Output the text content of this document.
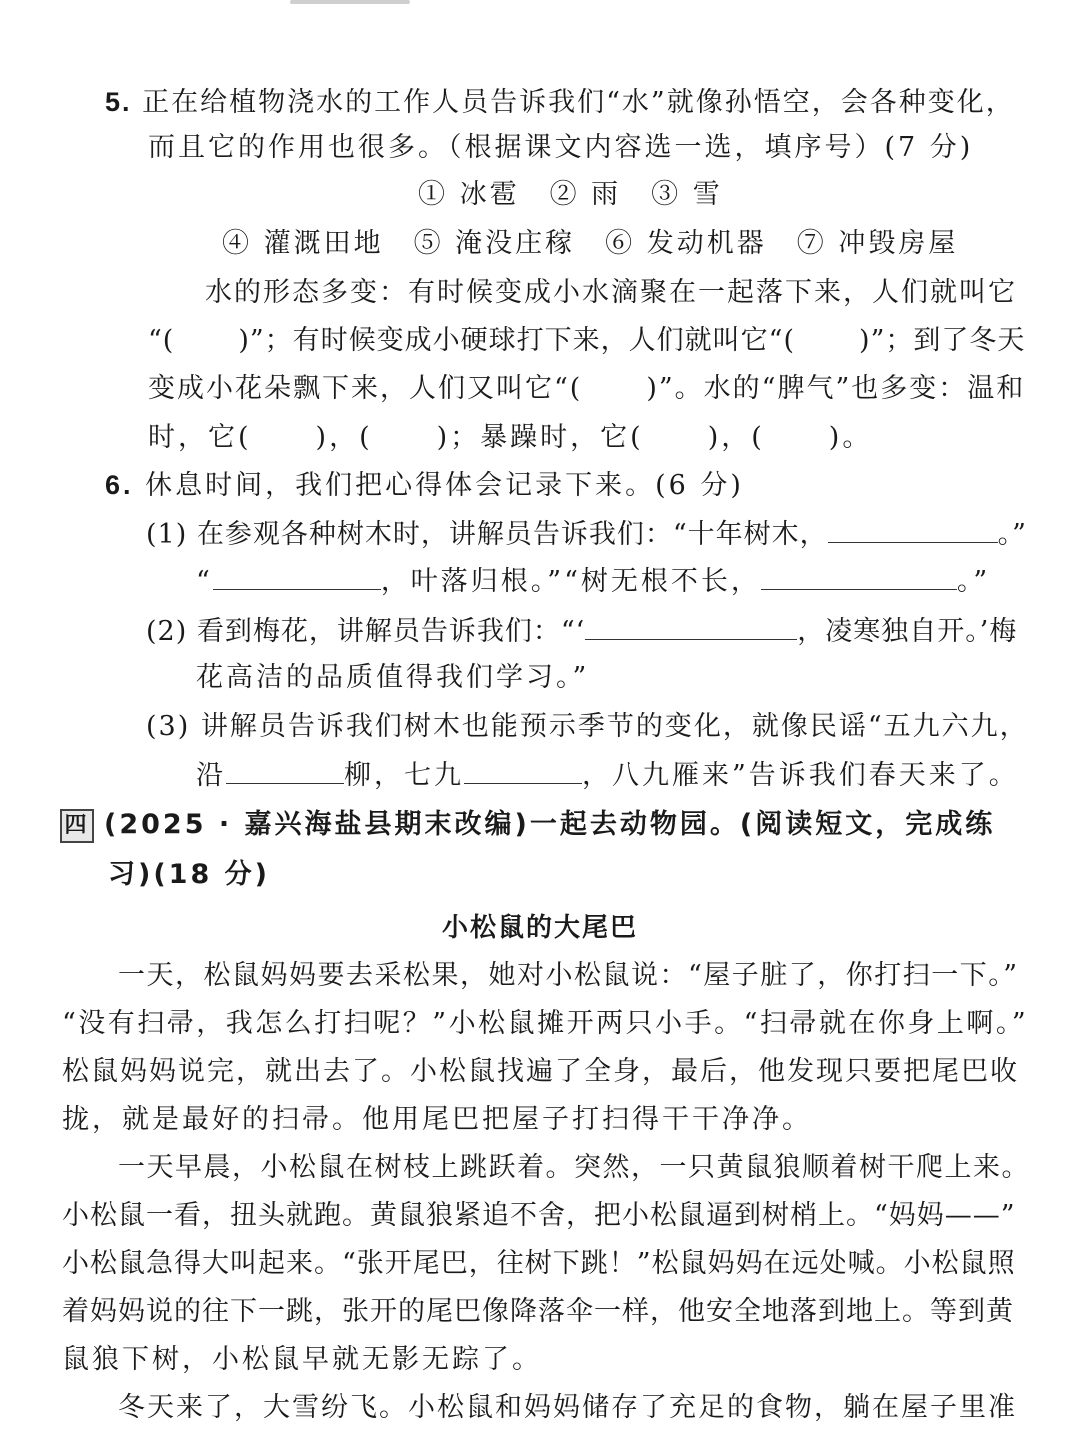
5. 正在给植物浇水的工作人员告诉我们“水”就像孙悟空，会各种变化，
而且它的作用也很多。（根据课文内容选一选，填序号）(7 分)
① 冰雹　② 雨　③ 雪
④ 灌溉田地　⑤ 淹没庄稼　⑥ 发动机器　⑦ 冲毁房屋
水的形态多变：有时候变成小水滴聚在一起落下来，人们就叫它
“( )”；有时候变成小硬球打下来，人们就叫它“( )”；到了冬天
变成小花朵飘下来，人们又叫它“( )”。水的“脾气”也多变：温和
时，它( )，( )；暴躁时，它( )，( )。
6. 休息时间，我们把心得体会记录下来。(6 分)
(1) 在参观各种树木时，讲解员告诉我们：“十年树木，	。”
“	，叶落归根。”“树无根不长，	。”
(2) 看到梅花，讲解员告诉我们：“‘	，凌寒独自开。’梅
花高洁的品质值得我们学习。”
(3) 讲解员告诉我们树木也能预示季节的变化，就像民谣“五九六九，
沿	柳，七九	，八九雁来”告诉我们春天来了。
四 (2025 · 嘉兴海盐县期末改编)一起去动物园。(阅读短文，完成练
习)(18 分)
小松鼠的大尾巴
一天，松鼠妈妈要去采松果，她对小松鼠说：“屋子脏了，你打扫一下。”
“没有扫帚，我怎么打扫呢？”小松鼠摊开两只小手。“扫帚就在你身上啊。”
松鼠妈妈说完，就出去了。小松鼠找遍了全身，最后，他发现只要把尾巴收
拢，就是最好的扫帚。他用尾巴把屋子打扫得干干净净。
一天早晨，小松鼠在树枝上跳跃着。突然，一只黄鼠狼顺着树干爬上来。
小松鼠一看，扭头就跑。黄鼠狼紧追不舍，把小松鼠逼到树梢上。“妈妈——”
小松鼠急得大叫起来。“张开尾巴，往树下跳！”松鼠妈妈在远处喊。小松鼠照
着妈妈说的往下一跳，张开的尾巴像降落伞一样，他安全地落到地上。等到黄
鼠狼下树，小松鼠早就无影无踪了。
冬天来了，大雪纷飞。小松鼠和妈妈储存了充足的食物，躺在屋子里准
